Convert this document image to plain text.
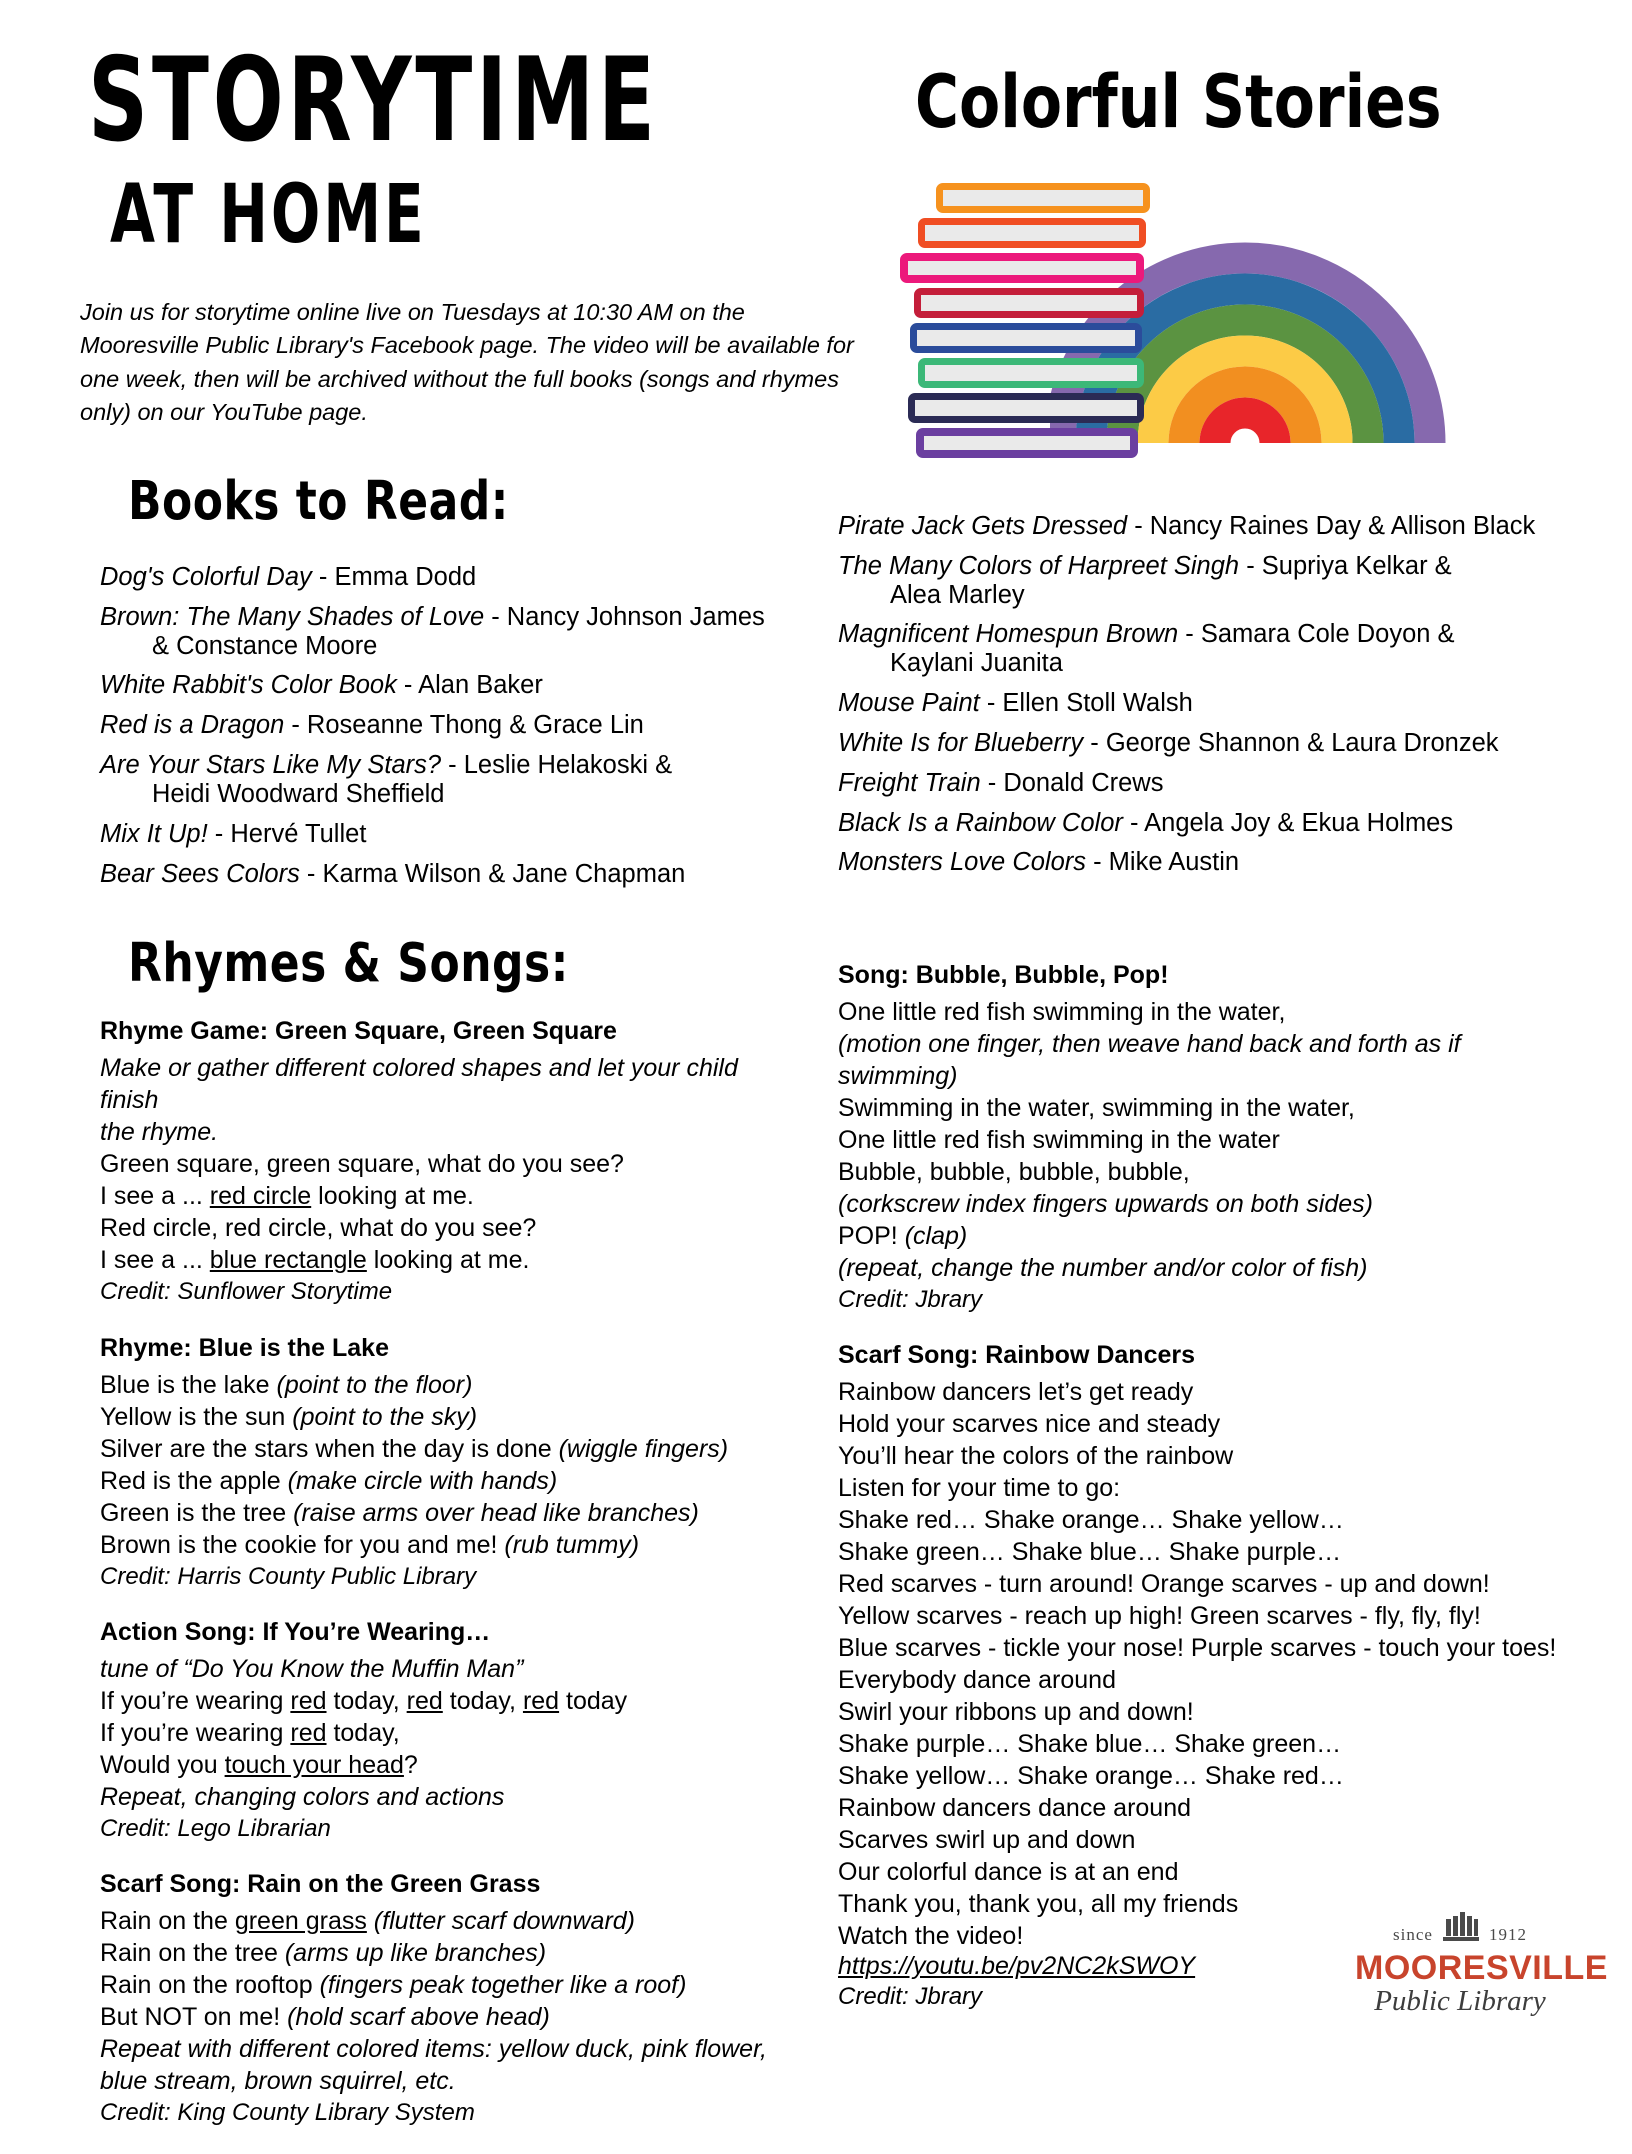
STORYTIME
AT HOME
Join us for storytime online live on Tuesdays at 10:30 AM on the Mooresville Public Library's Facebook page. The video will be available for one week, then will be archived without the full books (songs and rhymes only) on our YouTube page.
Colorful Stories
Books to Read:
Dog's Colorful Day - Emma Dodd
Brown: The Many Shades of Love - Nancy Johnson James
& Constance Moore
White Rabbit's Color Book - Alan Baker
Red is a Dragon - Roseanne Thong & Grace Lin
Are Your Stars Like My Stars? - Leslie Helakoski &
Heidi Woodward Sheffield
Mix It Up! - Hervé Tullet
Bear Sees Colors - Karma Wilson & Jane Chapman
Rhymes & Songs:
Rhyme Game: Green Square, Green Square
Make or gather different colored shapes and let your child finish
the rhyme.
Green square, green square, what do you see?
I see a ... red circle looking at me.
Red circle, red circle, what do you see?
I see a ... blue rectangle looking at me.
Credit: Sunflower Storytime
Rhyme: Blue is the Lake
Blue is the lake (point to the floor)
Yellow is the sun (point to the sky)
Silver are the stars when the day is done (wiggle fingers)
Red is the apple (make circle with hands)
Green is the tree (raise arms over head like branches)
Brown is the cookie for you and me! (rub tummy)
Credit: Harris County Public Library
Action Song: If You’re Wearing…
tune of “Do You Know the Muffin Man”
If you’re wearing red today, red today, red today
If you’re wearing red today,
Would you touch your head?
Repeat, changing colors and actions
Credit: Lego Librarian
Scarf Song: Rain on the Green Grass
Rain on the green grass (flutter scarf downward)
Rain on the tree (arms up like branches)
Rain on the rooftop (fingers peak together like a roof)
But NOT on me! (hold scarf above head)
Repeat with different colored items: yellow duck, pink flower,
blue stream, brown squirrel, etc.
Credit: King County Library System
Pirate Jack Gets Dressed - Nancy Raines Day & Allison Black
The Many Colors of Harpreet Singh - Supriya Kelkar &
Alea Marley
Magnificent Homespun Brown - Samara Cole Doyon &
Kaylani Juanita
Mouse Paint - Ellen Stoll Walsh
White Is for Blueberry - George Shannon & Laura Dronzek
Freight Train - Donald Crews
Black Is a Rainbow Color - Angela Joy & Ekua Holmes
Monsters Love Colors - Mike Austin
Song: Bubble, Bubble, Pop!
One little red fish swimming in the water,
(motion one finger, then weave hand back and forth as if swimming)
Swimming in the water, swimming in the water,
One little red fish swimming in the water
Bubble, bubble, bubble, bubble,
(corkscrew index fingers upwards on both sides)
POP! (clap)
(repeat, change the number and/or color of fish)
Credit: Jbrary
Scarf Song: Rainbow Dancers
Rainbow dancers let’s get ready
Hold your scarves nice and steady
You’ll hear the colors of the rainbow
Listen for your time to go:
Shake red… Shake orange… Shake yellow…
Shake green… Shake blue… Shake purple…
Red scarves - turn around! Orange scarves - up and down!
Yellow scarves - reach up high! Green scarves - fly, fly, fly!
Blue scarves - tickle your nose! Purple scarves - touch your toes!
Everybody dance around
Swirl your ribbons up and down!
Shake purple… Shake blue… Shake green…
Shake yellow… Shake orange… Shake red…
Rainbow dancers dance around
Scarves swirl up and down
Our colorful dance is at an end
Thank you, thank you, all my friends
Watch the video!
https://youtu.be/pv2NC2kSWOY
Credit: Jbrary
since	1912
MOORESVILLE
Public Library
